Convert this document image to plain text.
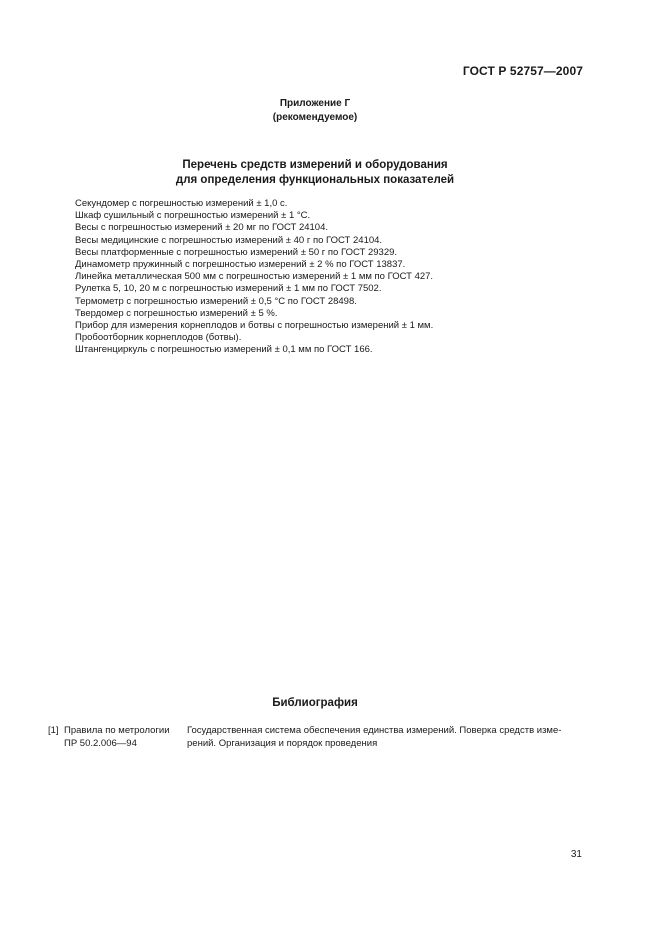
ГОСТ Р 52757—2007
Приложение Г
(рекомендуемое)
Перечень средств измерений и оборудования
для определения функциональных показателей
Секундомер с погрешностью измерений ± 1,0 с.
Шкаф сушильный с погрешностью измерений ± 1 °С.
Весы с погрешностью измерений ± 20 мг по ГОСТ 24104.
Весы медицинские с погрешностью измерений ± 40 г по ГОСТ 24104.
Весы платформенные с погрешностью измерений ± 50 г по ГОСТ 29329.
Динамометр пружинный с погрешностью измерений ± 2 % по ГОСТ 13837.
Линейка металлическая 500 мм с погрешностью измерений ± 1 мм по ГОСТ 427.
Рулетка 5, 10, 20 м с погрешностью измерений ± 1 мм по ГОСТ 7502.
Термометр с погрешностью измерений ± 0,5 °С по ГОСТ 28498.
Твердомер с погрешностью измерений ± 5 %.
Прибор для измерения корнеплодов и ботвы с погрешностью измерений ± 1 мм.
Пробоотборник корнеплодов (ботвы).
Штангенциркуль с погрешностью измерений ± 0,1 мм по ГОСТ 166.
Библиография
[1] Правила по метрологии
ПР 50.2.006—94
Государственная система обеспечения единства измерений. Поверка средств изме-
рений. Организация и порядок проведения
31
